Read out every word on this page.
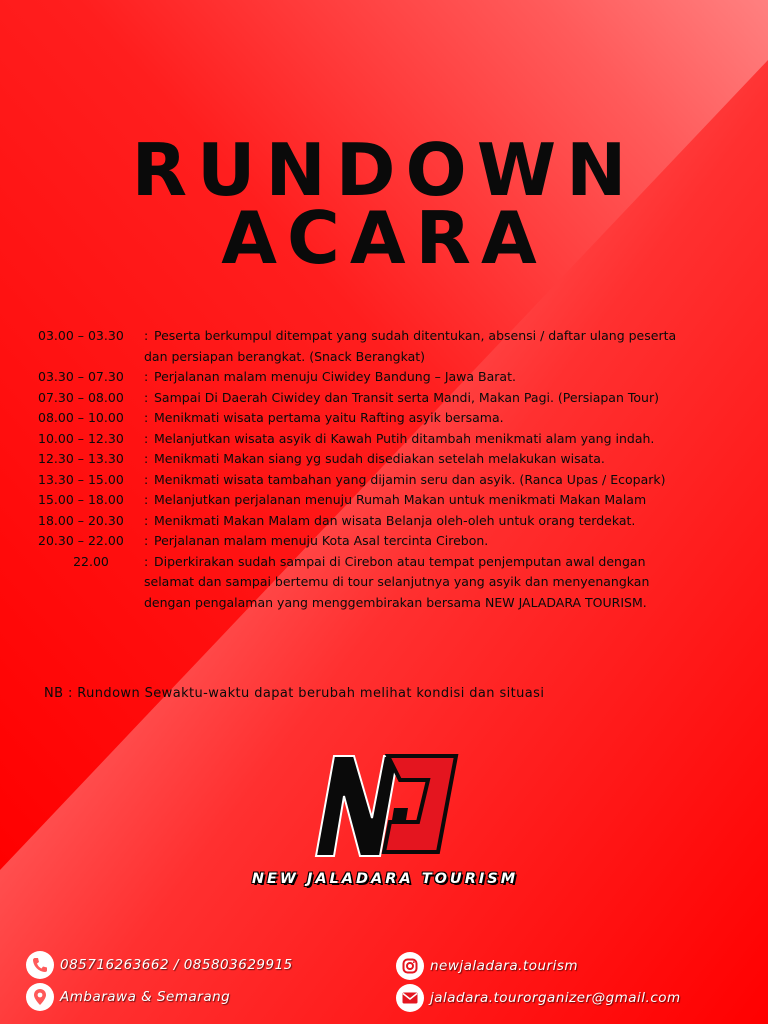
RUNDOWN
ACARA
03.00 – 03.30 : Peserta berkumpul ditempat yang sudah ditentukan, absensi / daftar ulang peserta
dan persiapan berangkat. (Snack Berangkat)
03.30 – 07.30 : Perjalanan malam menuju Ciwidey Bandung – Jawa Barat.
07.30 – 08.00 : Sampai Di Daerah Ciwidey dan Transit serta Mandi, Makan Pagi. (Persiapan Tour)
08.00 – 10.00 : Menikmati wisata pertama yaitu Rafting asyik bersama.
10.00 – 12.30 : Melanjutkan wisata asyik di Kawah Putih ditambah menikmati alam yang indah.
12.30 – 13.30 : Menikmati Makan siang yg sudah disediakan setelah melakukan wisata.
13.30 – 15.00 : Menikmati wisata tambahan yang dijamin seru dan asyik. (Ranca Upas / Ecopark)
15.00 – 18.00 : Melanjutkan perjalanan menuju Rumah Makan untuk menikmati Makan Malam
18.00 – 20.30 : Menikmati Makan Malam dan wisata Belanja oleh-oleh untuk orang terdekat.
20.30 – 22.00 : Perjalanan malam menuju Kota Asal tercinta Cirebon.
22.00	: Diperkirakan sudah sampai di Cirebon atau tempat penjemputan awal dengan
selamat dan sampai bertemu di tour selanjutnya yang asyik dan menyenangkan
dengan pengalaman yang menggembirakan bersama NEW JALADARA TOURISM.
NB : Rundown Sewaktu-waktu dapat berubah melihat kondisi dan situasi
NEW JALADARA TOURISM
085716263662 / 085803629915
Ambarawa & Semarang
newjaladara.tourism
jaladara.tourorganizer@gmail.com
